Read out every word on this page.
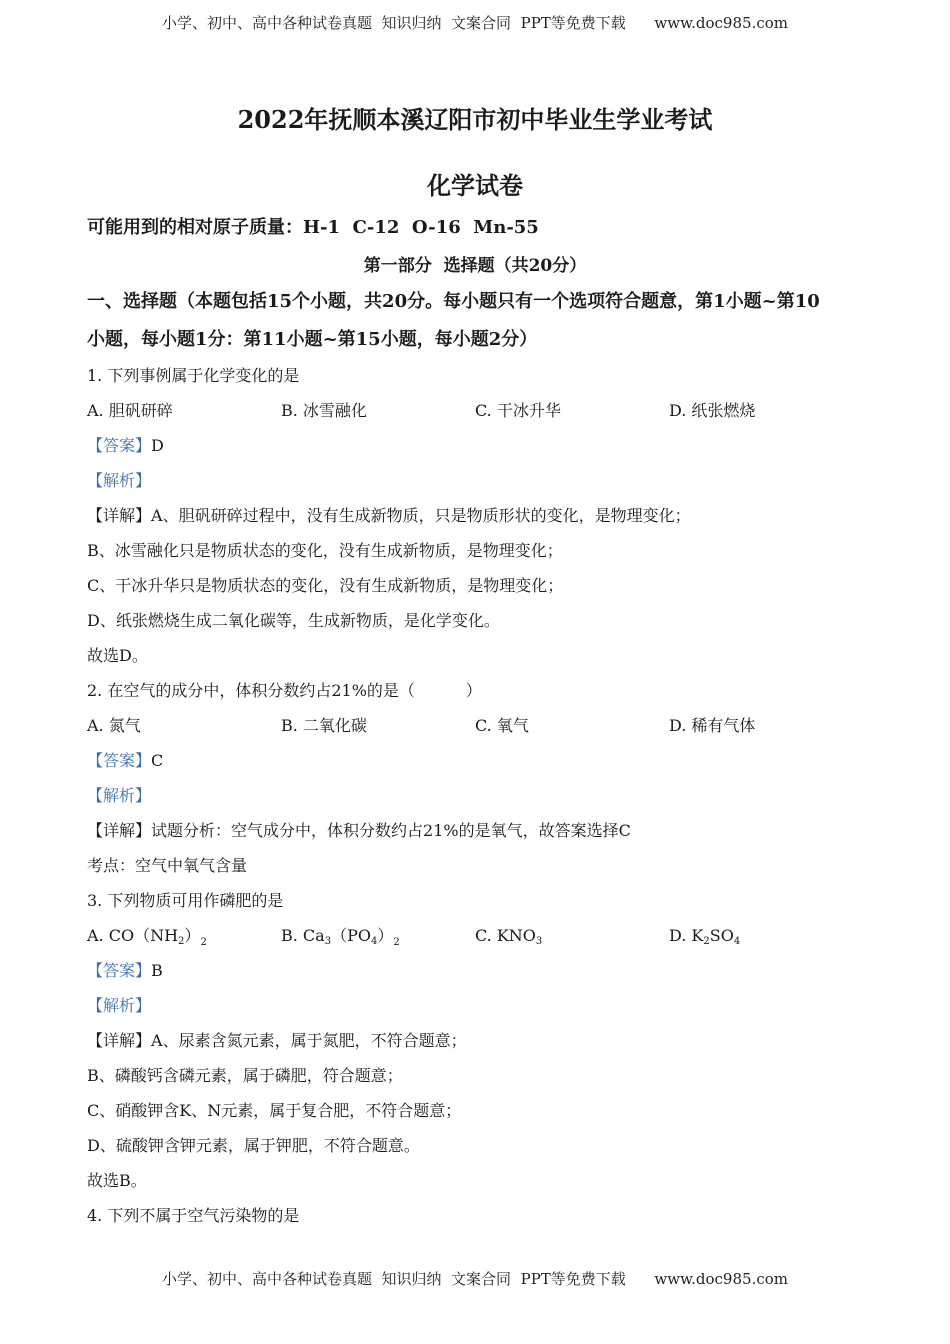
小学、初中、高中各种试卷真题  知识归纳  文案合同  PPT等免费下载      www.doc985.com
2022年抚顺本溪辽阳市初中毕业生学业考试
化学试卷
可能用到的相对原子质量：H-1  C-12  O-16  Mn-55
第一部分  选择题（共20分）
一、选择题（本题包括15个小题，共20分。每小题只有一个选项符合题意，第1小题~第10
小题，每小题1分：第11小题~第15小题，每小题2分）
1. 下列事例属于化学变化的是
A. 胆矾研碎	B. 冰雪融化	C. 干冰升华	D. 纸张燃烧
【答案】D
【解析】
【详解】A、胆矾研碎过程中，没有生成新物质，只是物质形状的变化，是物理变化；
B、冰雪融化只是物质状态的变化，没有生成新物质，是物理变化；
C、干冰升华只是物质状态的变化，没有生成新物质，是物理变化；
D、纸张燃烧生成二氧化碳等，生成新物质，是化学变化。
故选D。
2. 在空气的成分中，体积分数约占21%的是（          ）
A. 氮气	B. 二氧化碳	C. 氧气	D. 稀有气体
【答案】C
【解析】
【详解】试题分析：空气成分中，体积分数约占21%的是氧气，故答案选择C
考点：空气中氧气含量
3. 下列物质可用作磷肥的是
A. $CO(NH_2)_2$	B. $Ca_3(PO_4)_2$	C. $KNO_3$	D. $K_2SO_4$
【答案】B
【解析】
【详解】A、尿素含氮元素，属于氮肥，不符合题意；
B、磷酸钙含磷元素，属于磷肥，符合题意；
C、硝酸钾含K、N元素，属于复合肥，不符合题意；
D、硫酸钾含钾元素，属于钾肥，不符合题意。
故选B。
4. 下列不属于空气污染物的是
小学、初中、高中各种试卷真题  知识归纳  文案合同  PPT等免费下载      www.doc985.com
